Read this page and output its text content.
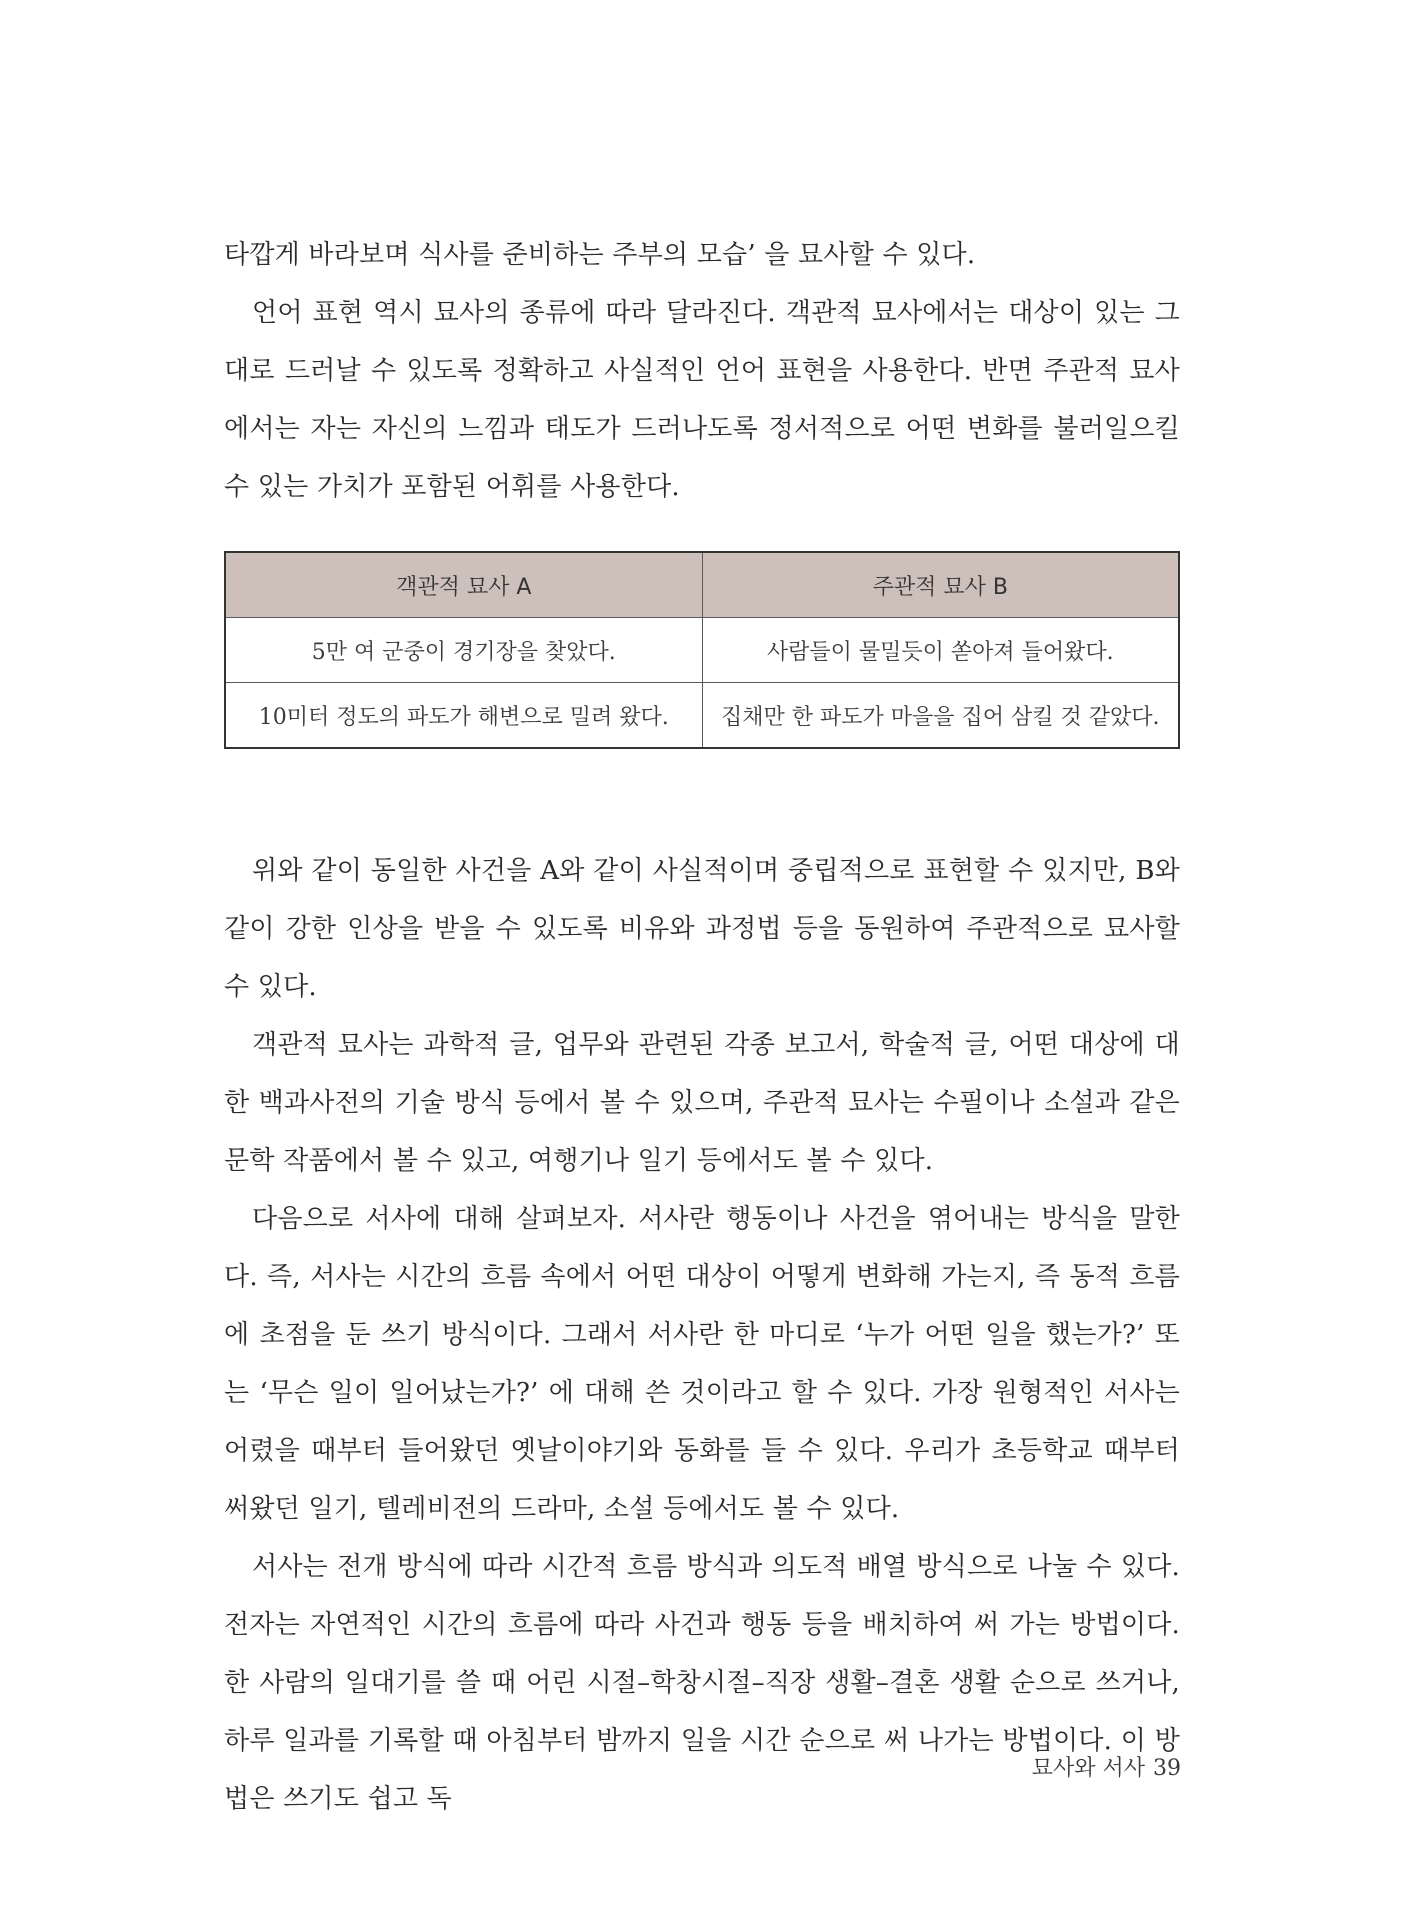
타깝게 바라보며 식사를 준비하는 주부의 모습’ 을 묘사할 수 있다.

언어 표현 역시 묘사의 종류에 따라 달라진다. 객관적 묘사에서는 대상이 있는 그대로 드러날 수 있도록 정확하고 사실적인 언어 표현을 사용한다. 반면 주관적 묘사에서는 자는 자신의 느낌과 태도가 드러나도록 정서적으로 어떤 변화를 불러일으킬 수 있는 가치가 포함된 어휘를 사용한다.

객관적 묘사 A	주관적 묘사 B
5만 여 군중이 경기장을 찾았다.	사람들이 물밀듯이 쏟아져 들어왔다.
10미터 정도의 파도가 해변으로 밀려 왔다.	집채만 한 파도가 마을을 집어 삼킬 것 같았다.

위와 같이 동일한 사건을 A와 같이 사실적이며 중립적으로 표현할 수 있지만, B와 같이 강한 인상을 받을 수 있도록 비유와 과정법 등을 동원하여 주관적으로 묘사할 수 있다.

객관적 묘사는 과학적 글, 업무와 관련된 각종 보고서, 학술적 글, 어떤 대상에 대한 백과사전의 기술 방식 등에서 볼 수 있으며, 주관적 묘사는 수필이나 소설과 같은 문학 작품에서 볼 수 있고, 여행기나 일기 등에서도 볼 수 있다.

다음으로 서사에 대해 살펴보자. 서사란 행동이나 사건을 엮어내는 방식을 말한다. 즉, 서사는 시간의 흐름 속에서 어떤 대상이 어떻게 변화해 가는지, 즉 동적 흐름에 초점을 둔 쓰기 방식이다. 그래서 서사란 한 마디로 ‘누가 어떤 일을 했는가?’ 또는 ‘무슨 일이 일어났는가?’ 에 대해 쓴 것이라고 할 수 있다. 가장 원형적인 서사는 어렸을 때부터 들어왔던 옛날이야기와 동화를 들 수 있다. 우리가 초등학교 때부터 써왔던 일기, 텔레비전의 드라마, 소설 등에서도 볼 수 있다.

서사는 전개 방식에 따라 시간적 흐름 방식과 의도적 배열 방식으로 나눌 수 있다. 전자는 자연적인 시간의 흐름에 따라 사건과 행동 등을 배치하여 써 가는 방법이다. 한 사람의 일대기를 쓸 때 어린 시절–학창시절–직장 생활–결혼 생활 순으로 쓰거나, 하루 일과를 기록할 때 아침부터 밤까지 일을 시간 순으로 써 나가는 방법이다. 이 방법은 쓰기도 쉽고 독

묘사와 서사 39
